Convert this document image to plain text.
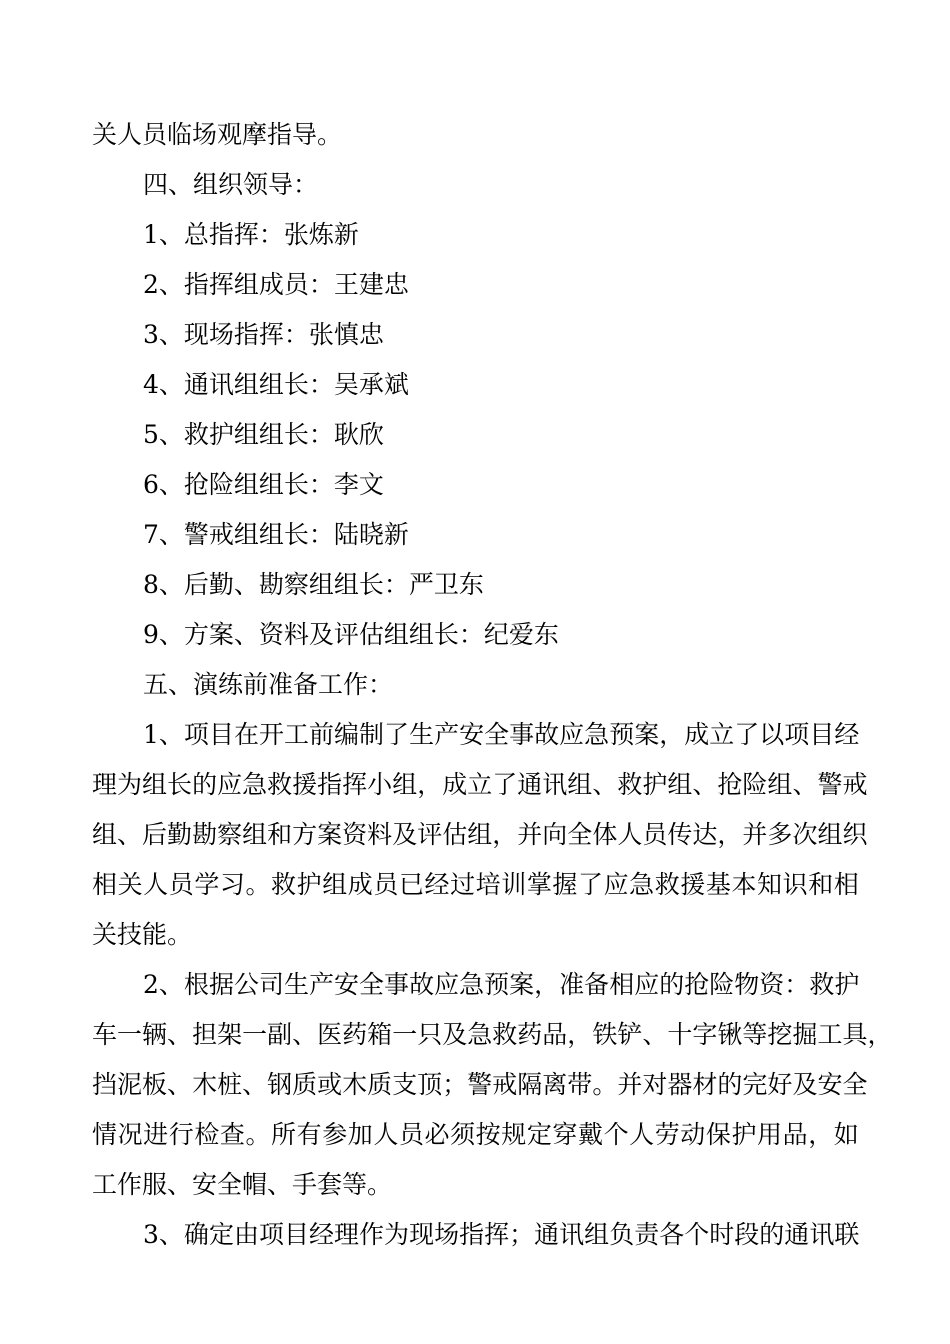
关人员临场观摩指导。
四、组织领导：
1、总指挥：张炼新
2、指挥组成员：王建忠
3、现场指挥：张慎忠
4、通讯组组长：吴承斌
5、救护组组长：耿欣
6、抢险组组长：李文
7、警戒组组长：陆晓新
8、后勤、勘察组组长：严卫东
9、方案、资料及评估组组长：纪爱东
五、演练前准备工作：
1 、 项 目 在 开 工 前 编 制 了 生 产 安 全 事 故 应 急 预 案 ， 成 立 了 以 项 目 经
理 为 组 长 的 应 急 救 援 指 挥 小 组 ， 成 立 了 通 讯 组 、 救 护 组 、 抢 险 组 、 警 戒
组 、 后 勤 勘 察 组 和 方 案 资 料 及 评 估 组 ， 并 向 全 体 人 员 传 达 ， 并 多 次 组 织
相 关 人 员 学 习 。 救 护 组 成 员 已 经 过 培 训 掌 握 了 应 急 救 援 基 本 知 识 和 相
关技能。
2 、 根 据 公 司 生 产 安 全 事 故 应 急 预 案 ， 准 备 相 应 的 抢 险 物 资 ： 救 护
车 一 辆 、 担 架 一 副 、 医 药 箱 一 只 及 急 救 药 品 ， 铁 铲 、 十 字 锹 等 挖 掘 工 具 ，
挡 泥 板 、 木 桩 、 钢 质 或 木 质 支 顶 ； 警 戒 隔 离 带 。 并 对 器 材 的 完 好 及 安 全
情 况 进 行 检 查 。 所 有 参 加 人 员 必 须 按 规 定 穿 戴 个 人 劳 动 保 护 用 品 ， 如
工作服、安全帽、手套等。
3 、 确 定 由 项 目 经 理 作 为 现 场 指 挥 ； 通 讯 组 负 责 各 个 时 段 的 通 讯 联
